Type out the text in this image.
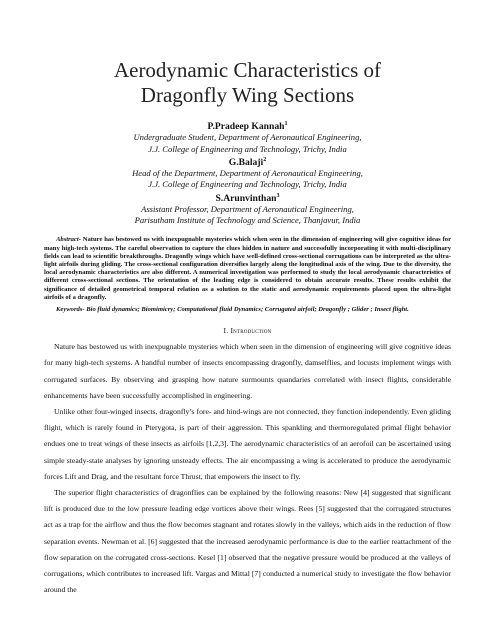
Aerodynamic Characteristics of
Dragonfly Wing Sections
P.Pradeep Kannah$^1$
Undergraduate Student, Department of Aeronautical Engineering,
J.J. College of Engineering and Technology, Trichy, India
G.Balaji$^2$
Head of the Department, Department of Aeronautical Engineering,
J.J. College of Engineering and Technology, Trichy, India
S.Arunvinthan$^3$
Assistant Professor, Department of Aeronautical Engineering,
Parisutham Institute of Technology and Science, Thanjavur, India

Abstract- Nature has bestowed us with inexpugnable mysteries which when seen in the dimension of engineering will give cognitive ideas for many high-tech systems. The careful observation to capture the clues hidden in nature and successfully incorporating it with multi-disciplinary fields can lead to scientific breakthroughs. Dragonfly wings which have well-defined cross-sectional corrugations can be interpreted as the ultra-light airfoils during gliding. The cross-sectional configuration diversifies largely along the longitudinal axis of the wing. Due to the diversity, the local aerodynamic characteristics are also different. A numerical investigation was performed to study the local aerodynamic characteristics of different cross-sectional sections. The orientation of the leading edge is considered to obtain accurate results. These results exhibit the significance of detailed geometrical temporal relation as a solution to the static and aerodynamic requirements placed upon the ultra-light airfoils of a dragonfly.

Keywords- Bio fluid dynamics; Biomimicry; Computational fluid Dynamics; Corrugated airfoil; Dragonfly ; Glider ; Insect flight.

I. Introduction

Nature has bestowed us with inexpugnable mysteries which when seen in the dimension of engineering will give cognitive ideas for many high-tech systems. A handful number of insects encompassing dragonfly, damselflies, and locusts implement wings with corrugated surfaces. By observing and grasping how nature surmounts quandaries correlated with insect flights, considerable enhancements have been successfully accomplished in engineering.

Unlike other four-winged insects, dragonfly’s fore- and hind-wings are not connected, they function independently. Even gliding flight, which is rarely found in Pterygota, is part of their aggression. This spankling and thermoregulated primal flight behavior endues one to treat wings of these insects as airfoils [1,2,3]. The aerodynamic characteristics of an aerofoil can be ascertained using simple steady-state analyses by ignoring unsteady effects. The air encompassing a wing is accelerated to produce the aerodynamic forces Lift and Drag, and the resultant force Thrust, that empowers the insect to fly.

The superior flight characteristics of dragonflies can be explained by the following reasons: New [4] suggested that significant lift is produced due to the low pressure leading edge vortices above their wings. Rees [5] suggested that the corrugated structures act as a trap for the airflow and thus the flow becomes stagnant and rotates slowly in the valleys, which aids in the reduction of flow separation events. Newman et al. [6] suggested that the increased aerodynamic performance is due to the earlier reattachment of the flow separation on the corrugated cross-sections. Kesel [1] observed that the negative pressure would be produced at the valleys of corrugations, which contributes to increased lift. Vargas and Mittal [7] conducted a numerical study to investigate the flow behavior around the
